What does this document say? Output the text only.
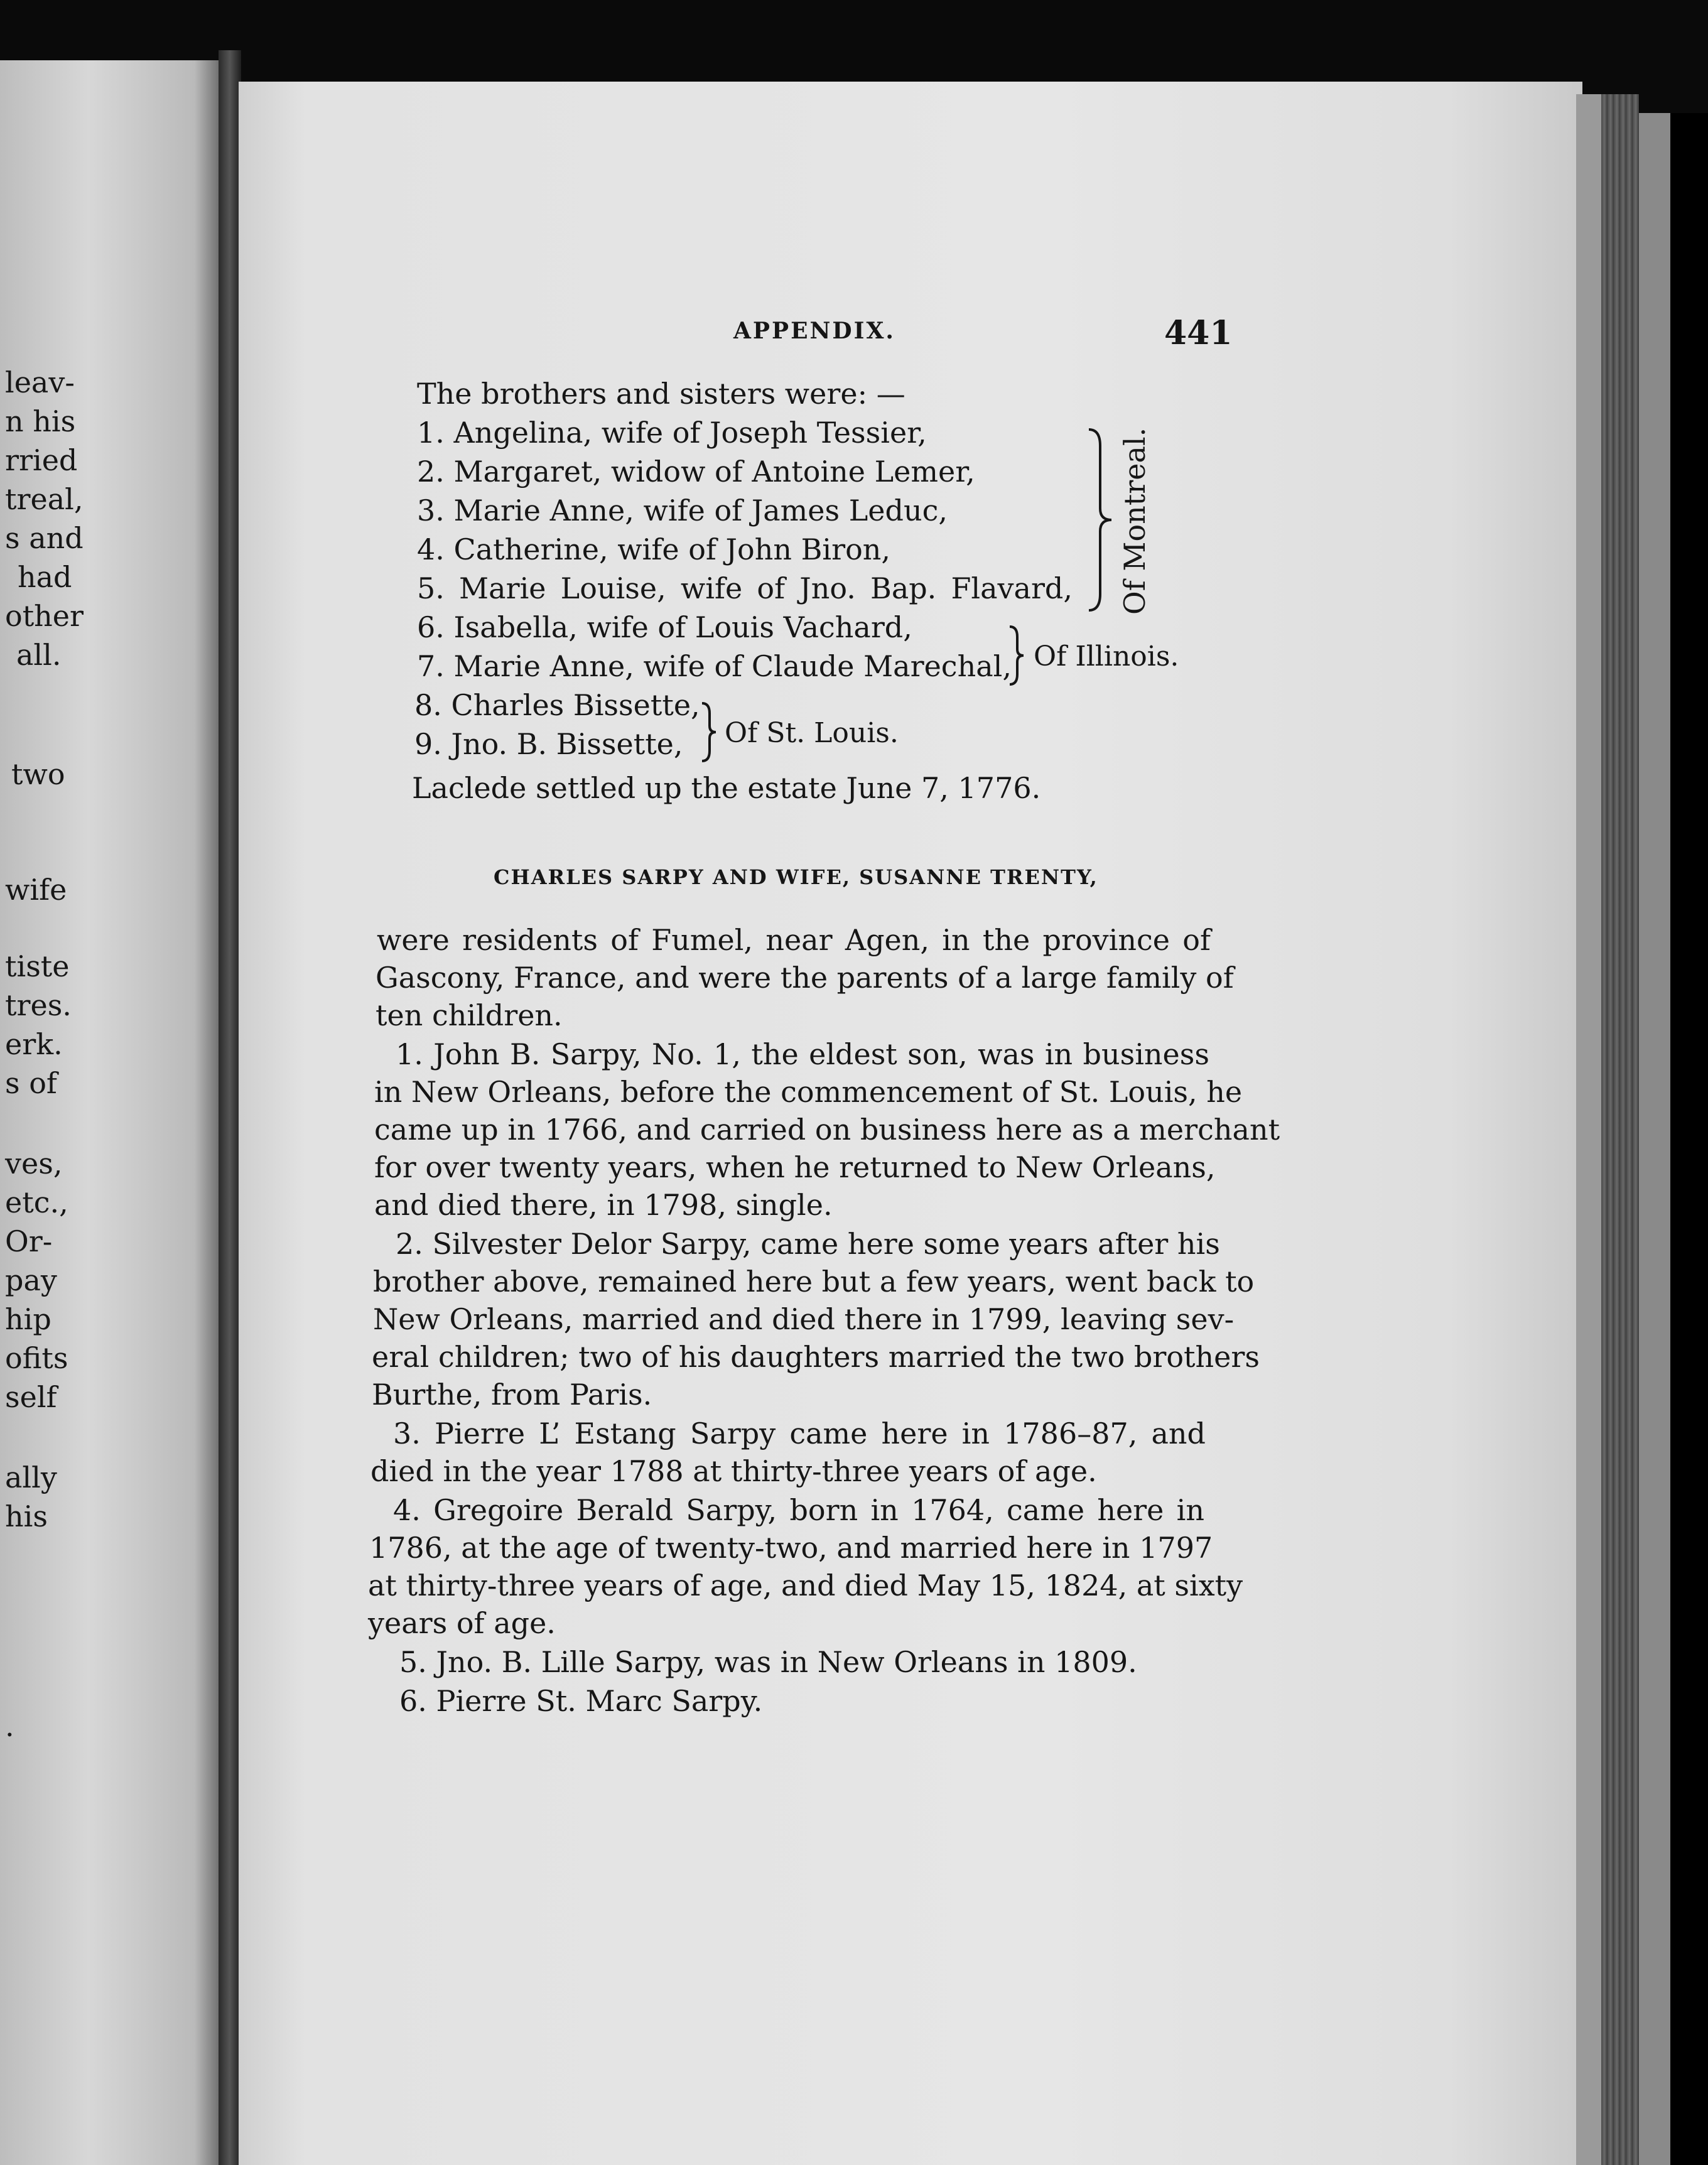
leav-
n his
rried
treal,
s and
had
other
all.
two
wife
tiste
tres.
erk.
s of
ves,
etc.,
Or-
pay
hip
ofits
self
ally
his
.
APPENDIX.	441
The brothers and sisters were: —
1. Angelina, wife of Joseph Tessier,
2. Margaret, widow of Antoine Lemer,
3. Marie Anne, wife of James Leduc,
4. Catherine, wife of John Biron,
5. Marie Louise, wife of Jno. Bap. Flavard,
6. Isabella, wife of Louis Vachard,
7. Marie Anne, wife of Claude Marechal,
8. Charles Bissette,
9. Jno. B. Bissette,
Of Montreal.
Of Illinois.
Of St. Louis.
Laclede settled up the estate June 7, 1776.
CHARLES SARPY AND WIFE, SUSANNE TRENTY,
were residents of Fumel, near Agen, in the province of
Gascony, France, and were the parents of a large family of
ten children.
1. John B. Sarpy, No. 1, the eldest son, was in business
in New Orleans, before the commencement of St. Louis, he
came up in 1766, and carried on business here as a merchant
for over twenty years, when he returned to New Orleans,
and died there, in 1798, single.
2. Silvester Delor Sarpy, came here some years after his
brother above, remained here but a few years, went back to
New Orleans, married and died there in 1799, leaving sev-
eral children; two of his daughters married the two brothers
Burthe, from Paris.
3. Pierre L’ Estang Sarpy came here in 1786–87, and
died in the year 1788 at thirty-three years of age.
4. Gregoire Berald Sarpy, born in 1764, came here in
1786, at the age of twenty-two, and married here in 1797
at thirty-three years of age, and died May 15, 1824, at sixty
years of age.
5. Jno. B. Lille Sarpy, was in New Orleans in 1809.
6. Pierre St. Marc Sarpy.
